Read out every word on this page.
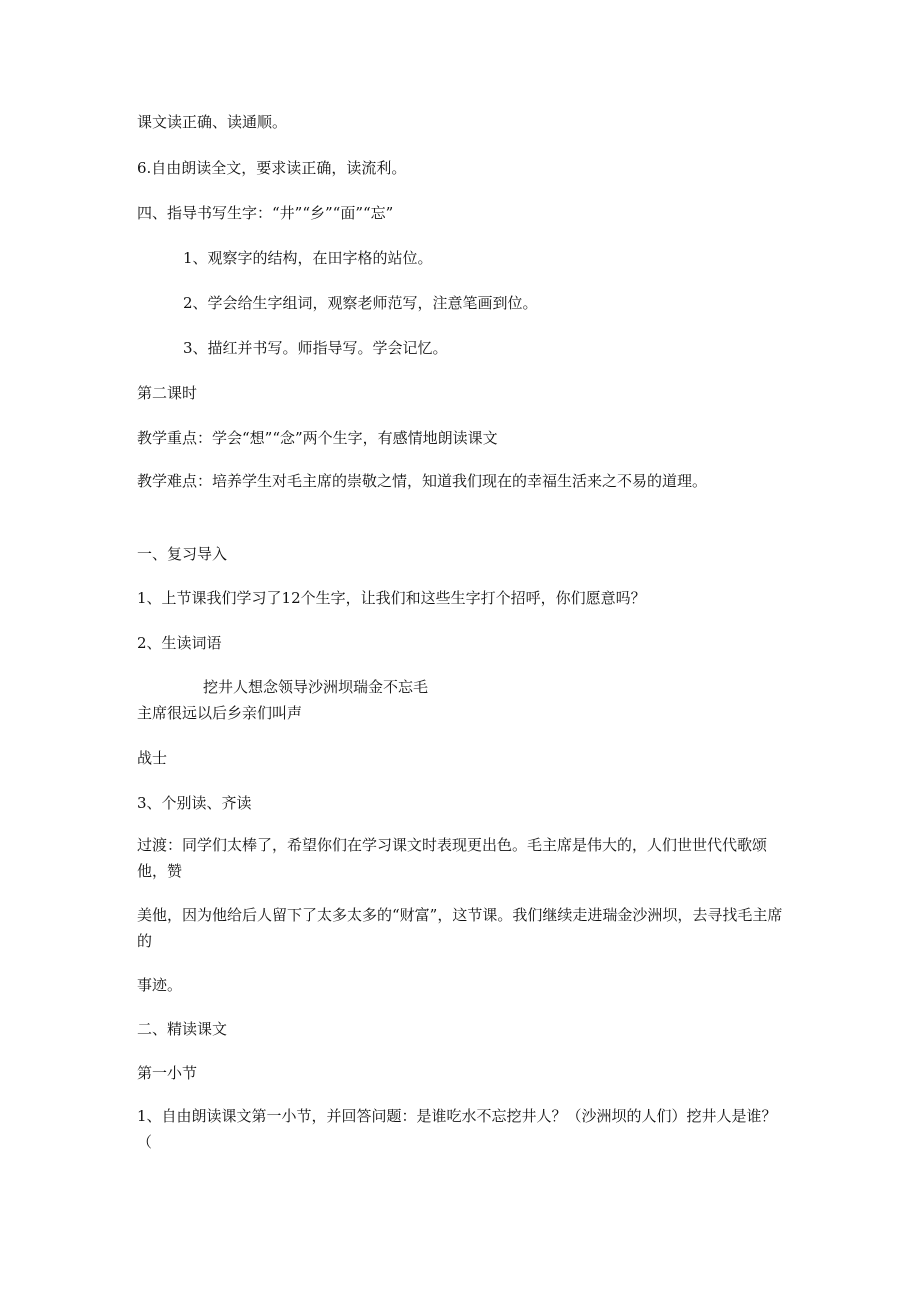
课文读正确、读通顺。
6.自由朗读全文，要求读正确，读流利。
四、指导书写生字：“井”“乡”“面”“忘”
1、观察字的结构，在田字格的站位。
2、学会给生字组词，观察老师范写，注意笔画到位。
3、描红并书写。师指导写。学会记忆。
第二课时
教学重点：学会“想”“念”两个生字，有感情地朗读课文
教学难点：培养学生对毛主席的崇敬之情，知道我们现在的幸福生活来之不易的道理。
一、复习导入
1、上节课我们学习了12个生字，让我们和这些生字打个招呼，你们愿意吗？
2、生读词语
挖井人想念领导沙洲坝瑞金不忘毛
主席很远以后乡亲们叫声
战士
3、个别读、齐读
过渡：同学们太棒了，希望你们在学习课文时表现更出色。毛主席是伟大的，人们世世代代歌颂他，赞
美他，因为他给后人留下了太多太多的“财富”，这节课。我们继续走进瑞金沙洲坝，去寻找毛主席的
事迹。
二、精读课文
第一小节
1、自由朗读课文第一小节，并回答问题：是谁吃水不忘挖井人？（沙洲坝的人们）挖井人是谁？（
